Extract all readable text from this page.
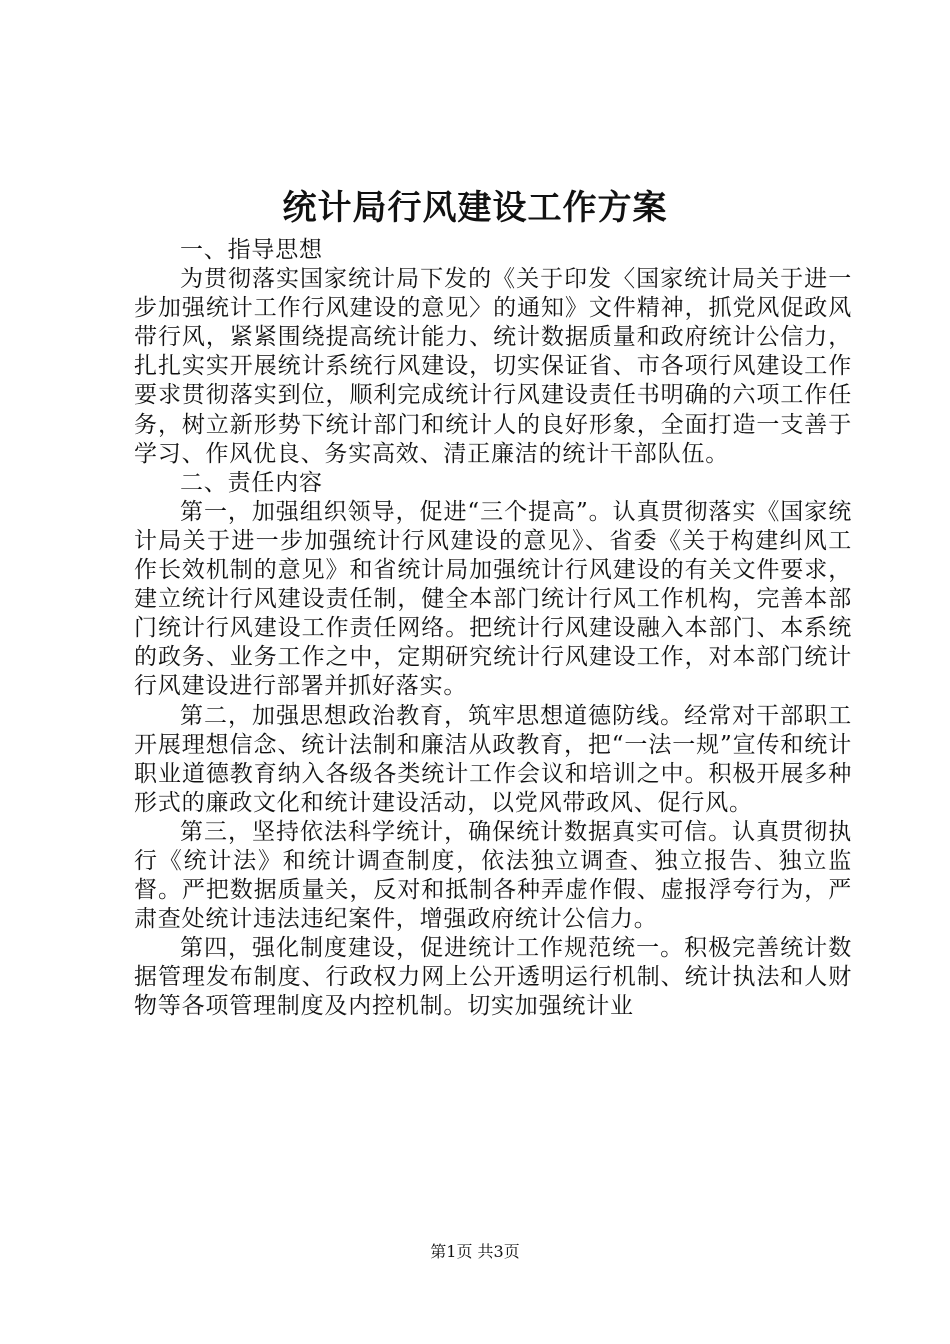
统计局行风建设工作方案

一、指导思想

为贯彻落实国家统计局下发的《关于印发〈国家统计局关于进一步加强统计工作行风建设的意见〉的通知》文件精神，抓党风促政风带行风，紧紧围绕提高统计能力、统计数据质量和政府统计公信力，扎扎实实开展统计系统行风建设，切实保证省、市各项行风建设工作要求贯彻落实到位，顺利完成统计行风建设责任书明确的六项工作任务，树立新形势下统计部门和统计人的良好形象，全面打造一支善于学习、作风优良、务实高效、清正廉洁的统计干部队伍。

二、责任内容

第一，加强组织领导，促进“三个提高”。认真贯彻落实《国家统计局关于进一步加强统计行风建设的意见》、省委《关于构建纠风工作长效机制的意见》和省统计局加强统计行风建设的有关文件要求，建立统计行风建设责任制，健全本部门统计行风工作机构，完善本部门统计行风建设工作责任网络。把统计行风建设融入本部门、本系统的政务、业务工作之中，定期研究统计行风建设工作，对本部门统计行风建设进行部署并抓好落实。

第二，加强思想政治教育，筑牢思想道德防线。经常对干部职工开展理想信念、统计法制和廉洁从政教育，把“一法一规”宣传和统计职业道德教育纳入各级各类统计工作会议和培训之中。积极开展多种形式的廉政文化和统计建设活动，以党风带政风、促行风。

第三，坚持依法科学统计，确保统计数据真实可信。认真贯彻执行《统计法》和统计调查制度，依法独立调查、独立报告、独立监督。严把数据质量关，反对和抵制各种弄虚作假、虚报浮夸行为，严肃查处统计违法违纪案件，增强政府统计公信力。

第四，强化制度建设，促进统计工作规范统一。积极完善统计数据管理发布制度、行政权力网上公开透明运行机制、统计执法和人财物等各项管理制度及内控机制。切实加强统计业

第1页 共3页
